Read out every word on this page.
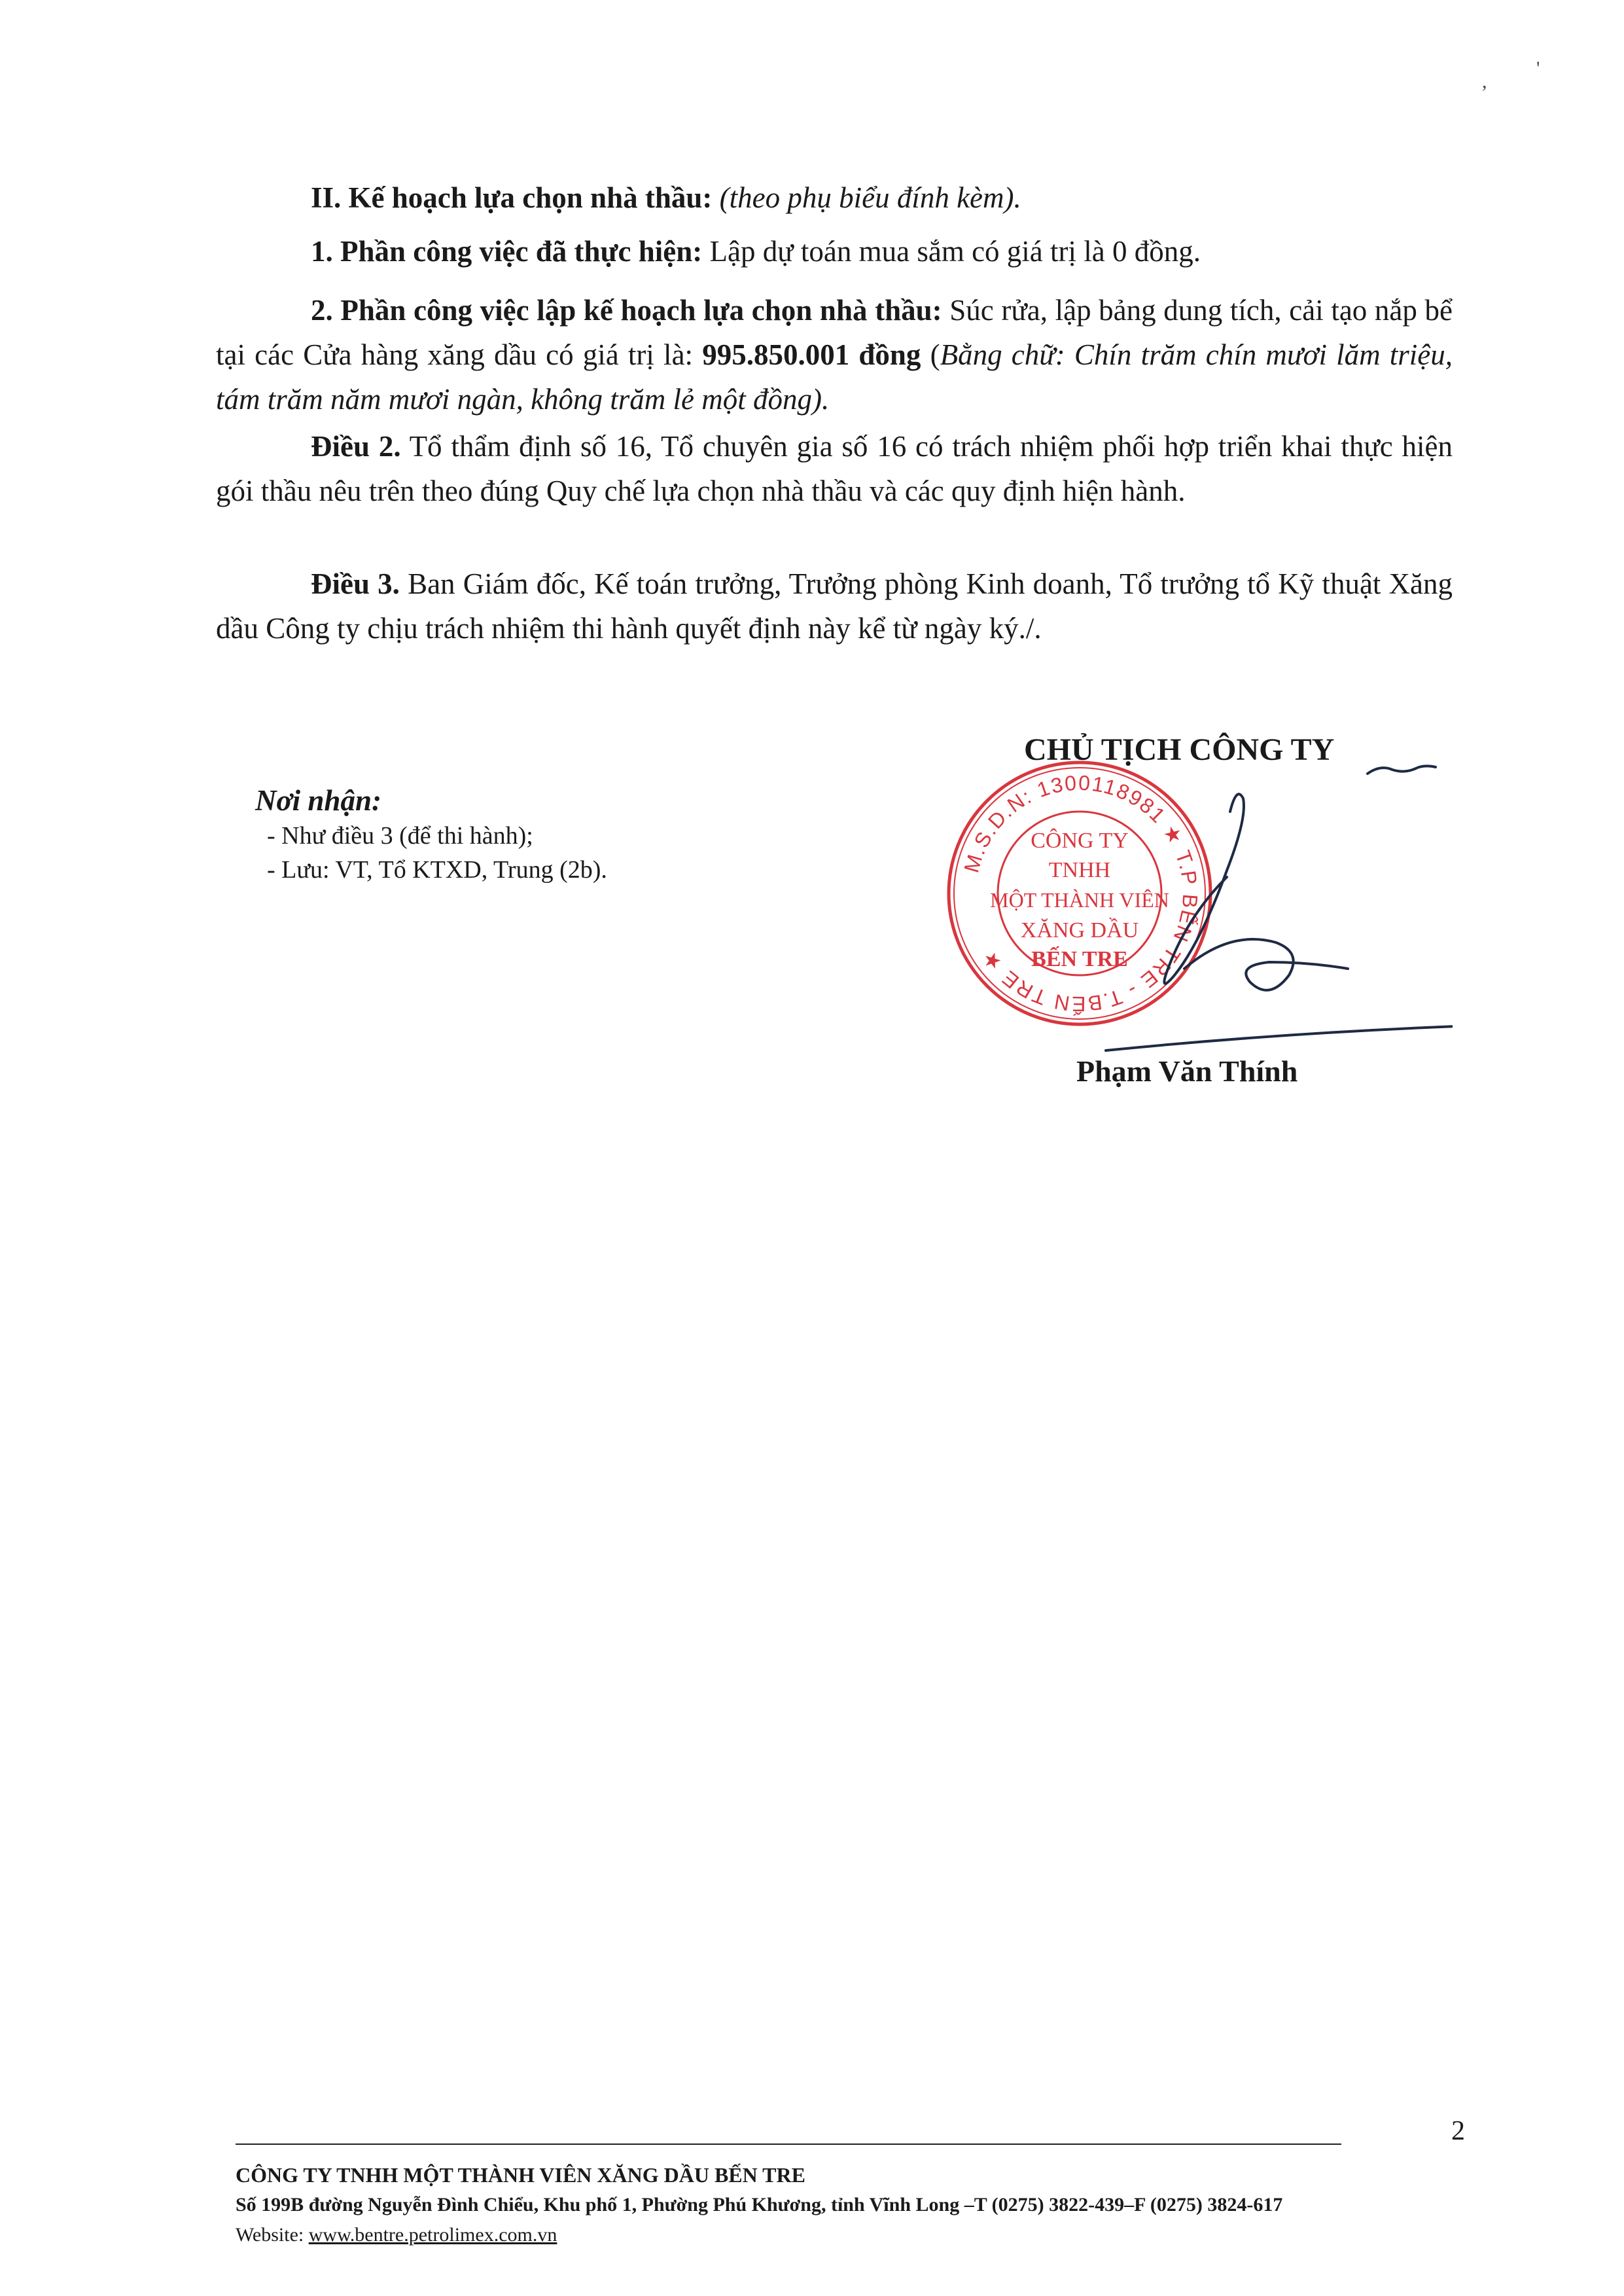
,
'
II. Kế hoạch lựa chọn nhà thầu: (theo phụ biểu đính kèm).
1. Phần công việc đã thực hiện: Lập dự toán mua sắm có giá trị là 0 đồng.
2. Phần công việc lập kế hoạch lựa chọn nhà thầu: Súc rửa, lập bảng dung tích, cải tạo nắp bể tại các Cửa hàng xăng dầu có giá trị là: 995.850.001 đồng (Bằng chữ: Chín trăm chín mươi lăm triệu, tám trăm năm mươi ngàn, không trăm lẻ một đồng).
Điều 2. Tổ thẩm định số 16, Tổ chuyên gia số 16 có trách nhiệm phối hợp triển khai thực hiện gói thầu nêu trên theo đúng Quy chế lựa chọn nhà thầu và các quy định hiện hành.
Điều 3. Ban Giám đốc, Kế toán trưởng, Trưởng phòng Kinh doanh, Tổ trưởng tổ Kỹ thuật Xăng dầu Công ty chịu trách nhiệm thi hành quyết định này kể từ ngày ký./.
Nơi nhận:
- Như điều 3 (để thi hành);
- Lưu: VT, Tổ KTXD, Trung (2b).	M.S.D.N: 1300118981 ★ T.P BẾN TRE - T.BẾN TRE ★
CÔNG TY
TNHH
MỘT THÀNH VIÊN
XĂNG DẦU
BẾN TRE
CHỦ TỊCH CÔNG TY
Phạm Văn Thính
2
CÔNG TY TNHH MỘT THÀNH VIÊN XĂNG DẦU BẾN TRE
Số 199B đường Nguyễn Đình Chiểu, Khu phố 1, Phường Phú Khương, tỉnh Vĩnh Long –T (0275) 3822-439–F (0275) 3824-617
Website: www.bentre.petrolimex.com.vn
